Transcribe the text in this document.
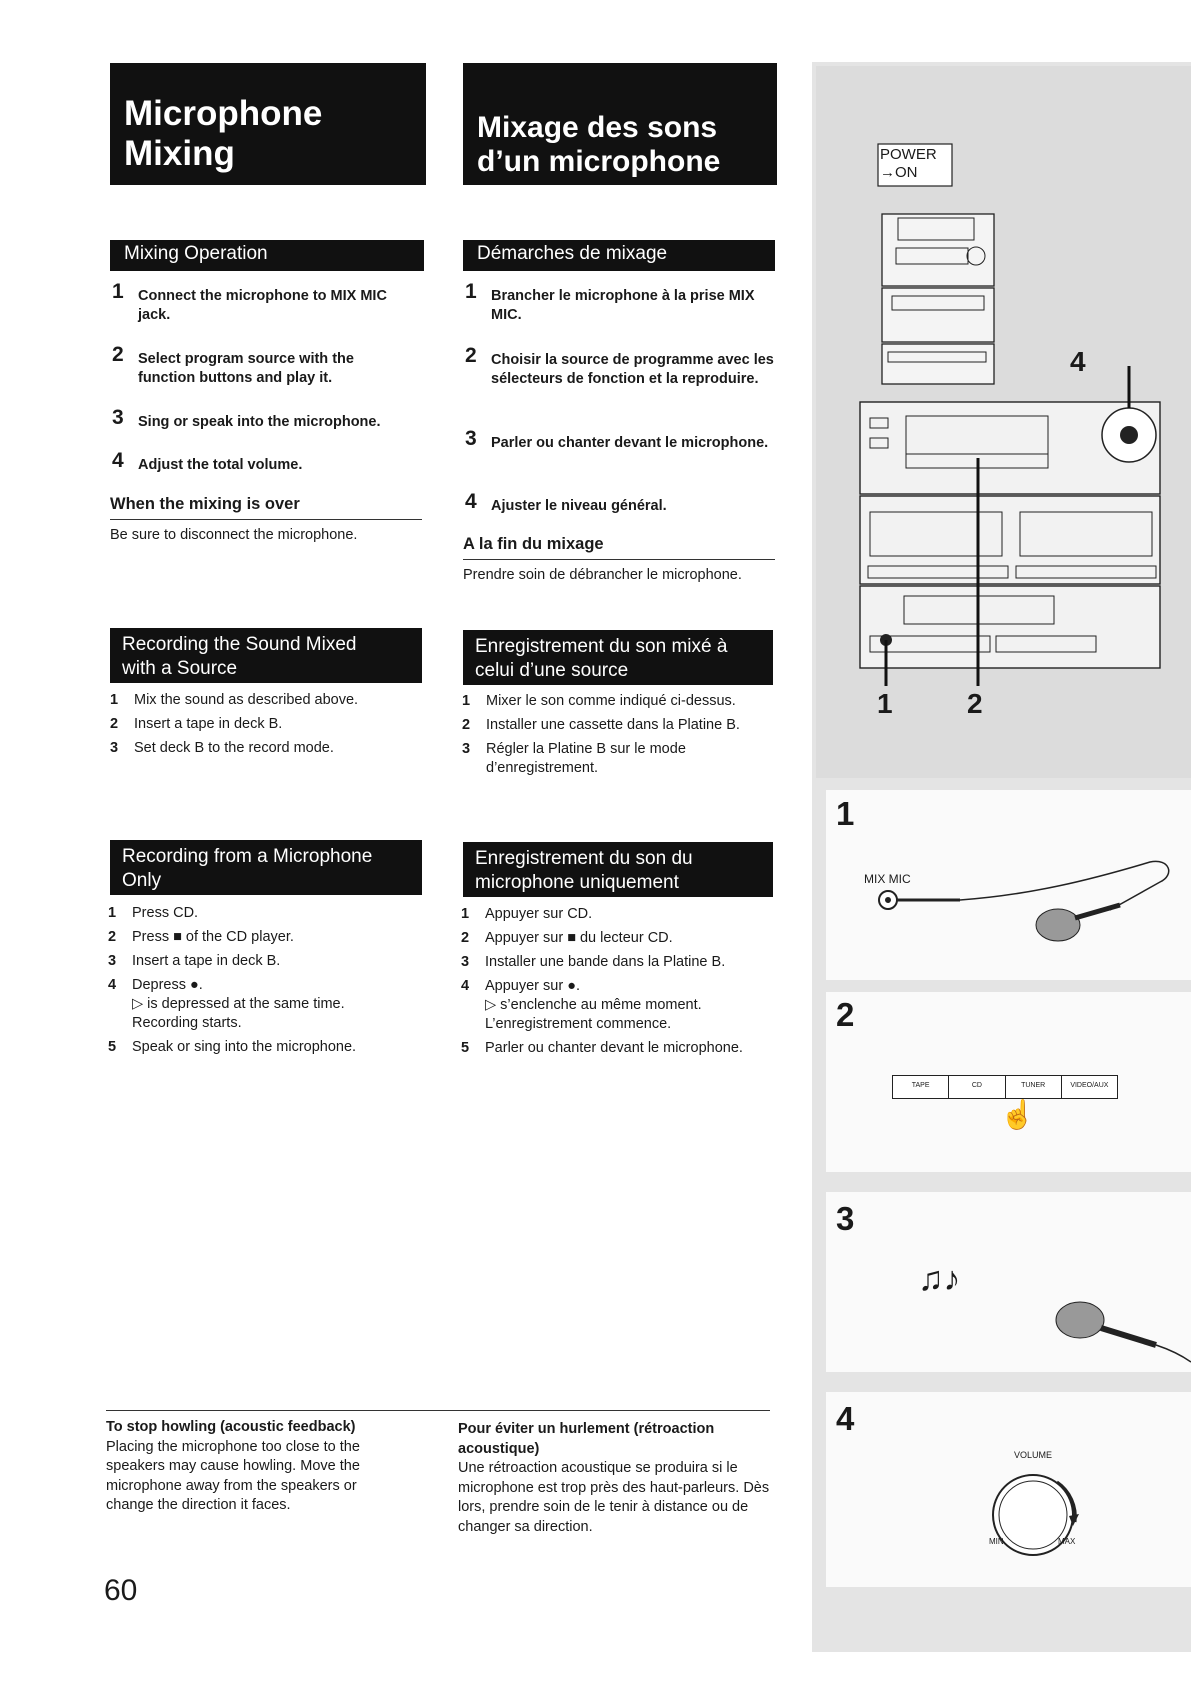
Microphone
Mixing
Mixage des sons
d’un microphone
Mixing Operation
1 Connect the microphone to MIX MIC jack.
2 Select program source with the function buttons and play it.
3 Sing or speak into the microphone.
4 Adjust the total volume.
When the mixing is over
Be sure to disconnect the microphone.
Démarches de mixage
1 Brancher le microphone à la prise MIX MIC.
2 Choisir la source de programme avec les sélecteurs de fonction et la reproduire.
3 Parler ou chanter devant le microphone.
4 Ajuster le niveau général.
A la fin du mixage
Prendre soin de débrancher le microphone.
Recording the Sound Mixed
with a Source
1 Mix the sound as described above.
2 Insert a tape in deck B.
3 Set deck B to the record mode.
Enregistrement du son mixé à
celui d’une source
1 Mixer le son comme indiqué ci-dessus.
2 Installer une cassette dans la Platine B.
3 Régler la Platine B sur le mode d’enregistrement.
Recording from a Microphone
Only
1 Press CD.
2 Press ■ of the CD player.
3 Insert a tape in deck B.
4 Depress ●.
▷ is depressed at the same time.
Recording starts.
5 Speak or sing into the microphone.
Enregistrement du son du
microphone uniquement
1 Appuyer sur CD.
2 Appuyer sur ■ du lecteur CD.
3 Installer une bande dans la Platine B.
4 Appuyer sur ●.
▷ s’enclenche au même moment.
L’enregistrement commence.
5 Parler ou chanter devant le microphone.
To stop howling (acoustic feedback)
Placing the microphone too close to the speakers may cause howling. Move the microphone away from the speakers or change the direction it faces.
Pour éviter un hurlement (rétroaction acoustique)
Une rétroaction acoustique se produira si le microphone est trop près des haut-parleurs. Dès lors, prendre soin de le tenir à distance ou de changer sa direction.
60
POWER
→ON
4
1	2
1
MIX MIC
2
TAPE	CD	TUNER	VIDEO/AUX
☝
3
♫♪
4
VOLUME
MIN	MAX
